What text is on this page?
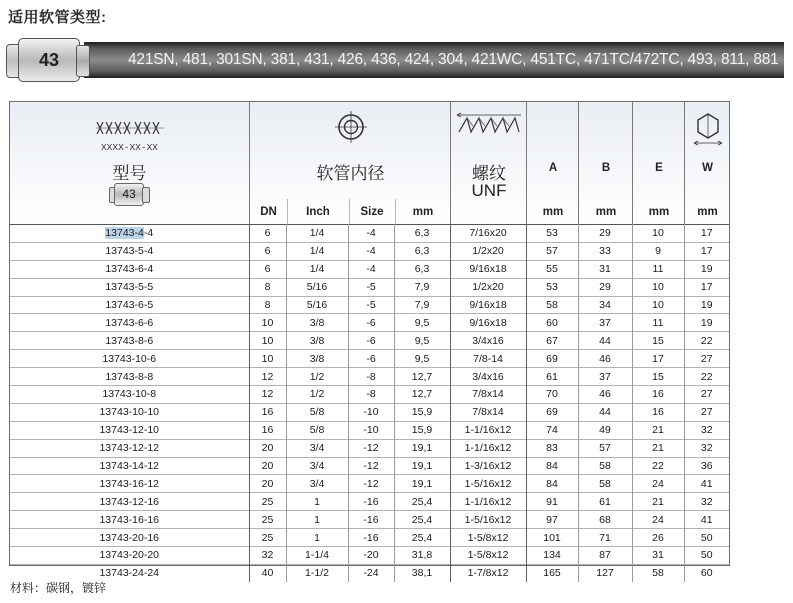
适用软管类型:
43	421SN, 481, 301SN, 381, 431, 426, 436, 424, 304, 421WC, 451TC, 471TC/472TC, 493, 811, 881
型号
43
软管内径
DN	Inch	Size	mm
螺纹
UNF
A
mm
B
mm
E
mm
W
mm
XXXX-XX-XX
13743-4-4	6	1/4	-4	6,3	7/16x20	53	29	10	17
13743-5-4	6	1/4	-4	6,3	1/2x20	57	33	9	17
13743-6-4	6	1/4	-4	6,3	9/16x18	55	31	11	19
13743-5-5	8	5/16	-5	7,9	1/2x20	53	29	10	17
13743-6-5	8	5/16	-5	7,9	9/16x18	58	34	10	19
13743-6-6	10	3/8	-6	9,5	9/16x18	60	37	11	19
13743-8-6	10	3/8	-6	9,5	3/4x16	67	44	15	22
13743-10-6	10	3/8	-6	9,5	7/8-14	69	46	17	27
13743-8-8	12	1/2	-8	12,7	3/4x16	61	37	15	22
13743-10-8	12	1/2	-8	12,7	7/8x14	70	46	16	27
13743-10-10	16	5/8	-10	15,9	7/8x14	69	44	16	27
13743-12-10	16	5/8	-10	15,9	1-1/16x12	74	49	21	32
13743-12-12	20	3/4	-12	19,1	1-1/16x12	83	57	21	32
13743-14-12	20	3/4	-12	19,1	1-3/16x12	84	58	22	36
13743-16-12	20	3/4	-12	19,1	1-5/16x12	84	58	24	41
13743-12-16	25	1	-16	25,4	1-1/16x12	91	61	21	32
13743-16-16	25	1	-16	25,4	1-5/16x12	97	68	24	41
13743-20-16	25	1	-16	25,4	1-5/8x12	101	71	26	50
13743-20-20	32	1-1/4	-20	31,8	1-5/8x12	134	87	31	50
13743-24-24	40	1-1/2	-24	38,1	1-7/8x12	165	127	58	60
材料：碳钢，镀锌
